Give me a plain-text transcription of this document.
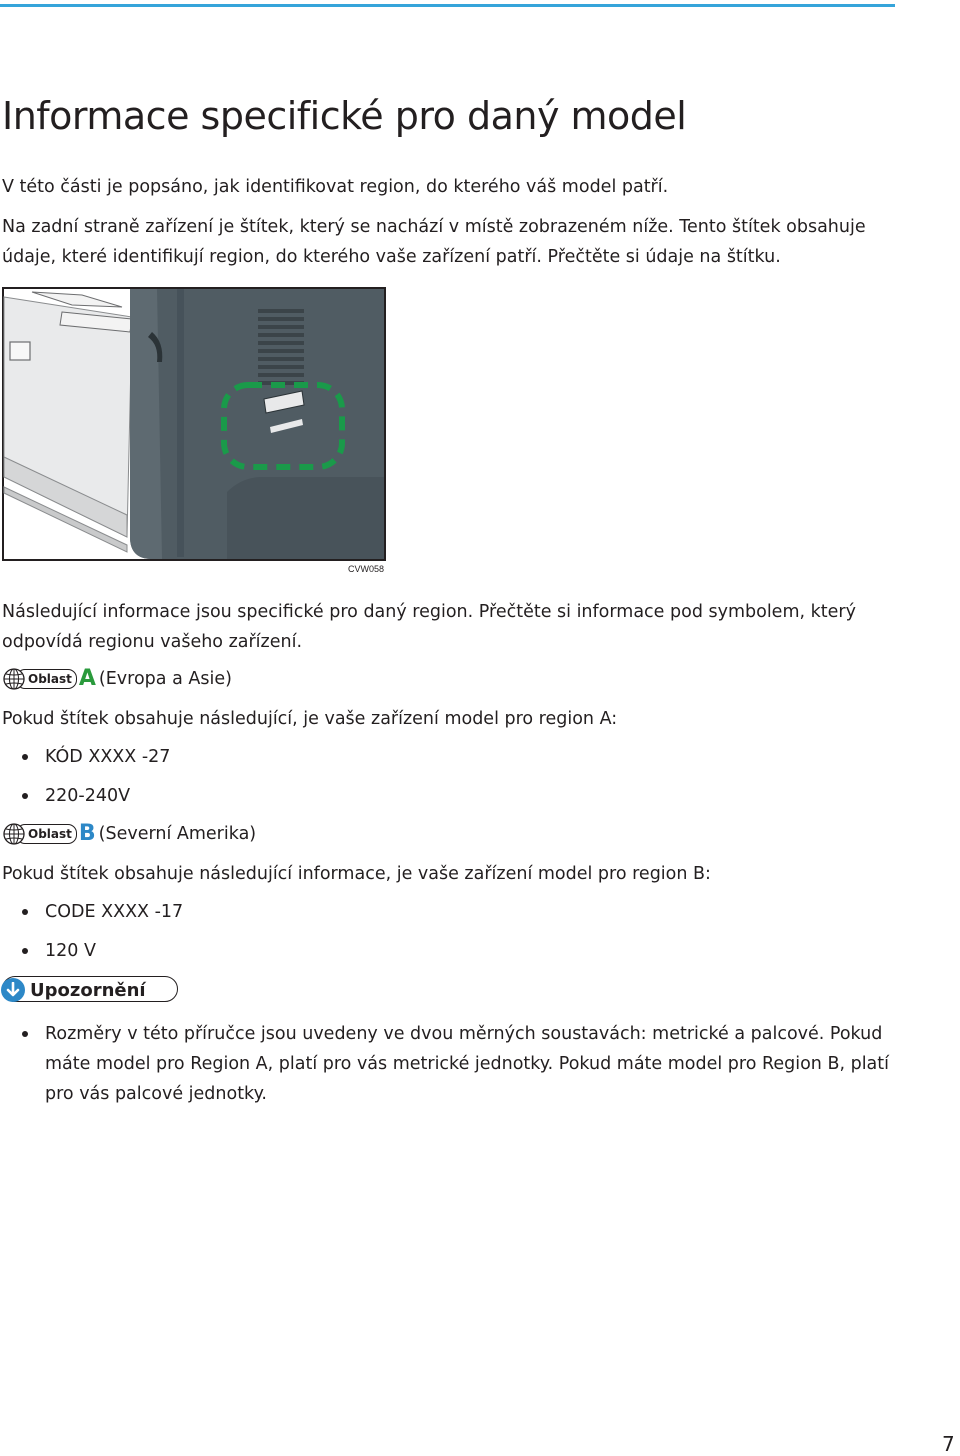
Informace specifické pro daný model

V této části je popsáno, jak identifikovat region, do kterého váš model patří.

Na zadní straně zařízení je štítek, který se nachází v místě zobrazeném níže. Tento štítek obsahuje údaje, které identifikují region, do kterého vaše zařízení patří. Přečtěte si údaje na štítku.

CVW058

Následující informace jsou specifické pro daný region. Přečtěte si informace pod symbolem, který odpovídá regionu vašeho zařízení.

Oblast A (Evropa a Asie)

Pokud štítek obsahuje následující, je vaše zařízení model pro region A:

KÓD XXXX -27
220-240V
Oblast B (Severní Amerika)

Pokud štítek obsahuje následující informace, je vaše zařízení model pro region B:

CODE XXXX -17
120 V
Upozornění
Rozměry v této příručce jsou uvedeny ve dvou měrných soustavách: metrické a palcové. Pokud máte model pro Region A, platí pro vás metrické jednotky. Pokud máte model pro Region B, platí pro vás palcové jednotky.
7
